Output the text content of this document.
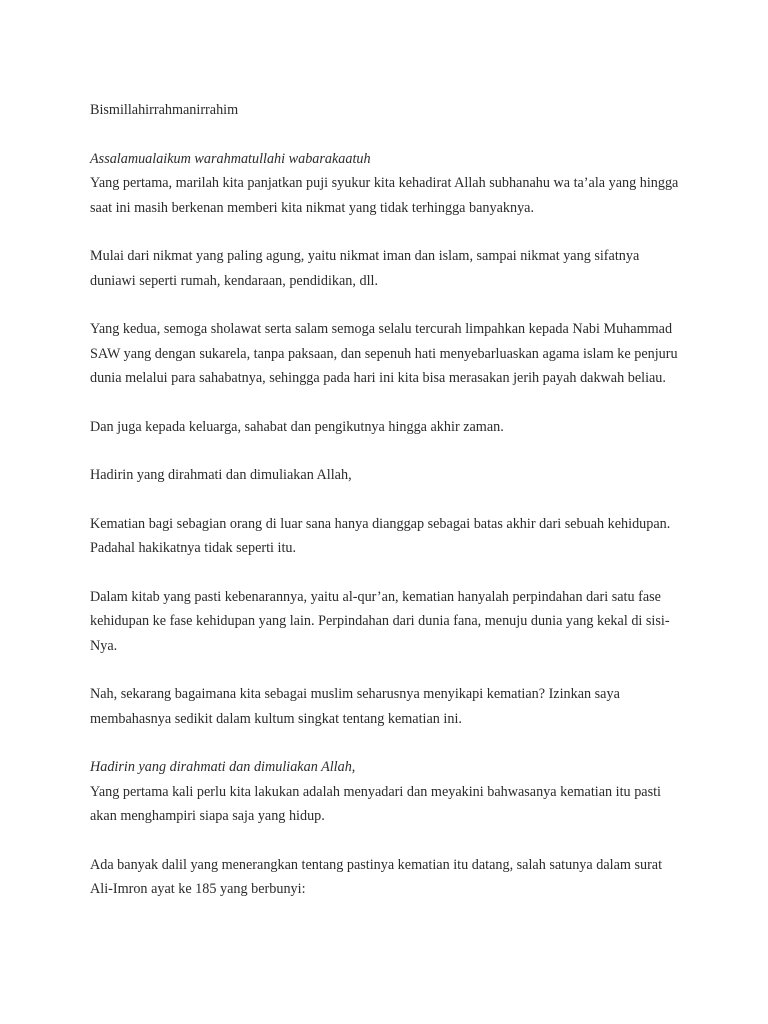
Bismillahirrahmanirrahim

Assalamualaikum warahmatullahi wabarakaatuh

Yang pertama, marilah kita panjatkan puji syukur kita kehadirat Allah subhanahu wa ta’ala yang hingga saat ini masih berkenan memberi kita nikmat yang tidak terhingga banyaknya.

Mulai dari nikmat yang paling agung, yaitu nikmat iman dan islam, sampai nikmat yang sifatnya duniawi seperti rumah, kendaraan, pendidikan, dll.

Yang kedua, semoga sholawat serta salam semoga selalu tercurah limpahkan kepada Nabi Muhammad SAW yang dengan sukarela, tanpa paksaan, dan sepenuh hati menyebarluaskan agama islam ke penjuru dunia melalui para sahabatnya, sehingga pada hari ini kita bisa merasakan jerih payah dakwah beliau.

Dan juga kepada keluarga, sahabat dan pengikutnya hingga akhir zaman.

Hadirin yang dirahmati dan dimuliakan Allah,

Kematian bagi sebagian orang di luar sana hanya dianggap sebagai batas akhir dari sebuah kehidupan. Padahal hakikatnya tidak seperti itu.

Dalam kitab yang pasti kebenarannya, yaitu al-qur’an, kematian hanyalah perpindahan dari satu fase kehidupan ke fase kehidupan yang lain. Perpindahan dari dunia fana, menuju dunia yang kekal di sisi-Nya.

Nah, sekarang bagaimana kita sebagai muslim seharusnya menyikapi kematian? Izinkan saya membahasnya sedikit dalam kultum singkat tentang kematian ini.

Hadirin yang dirahmati dan dimuliakan Allah,

Yang pertama kali perlu kita lakukan adalah menyadari dan meyakini bahwasanya kematian itu pasti akan menghampiri siapa saja yang hidup.

Ada banyak dalil yang menerangkan tentang pastinya kematian itu datang, salah satunya dalam surat Ali-Imron ayat ke 185 yang berbunyi:
